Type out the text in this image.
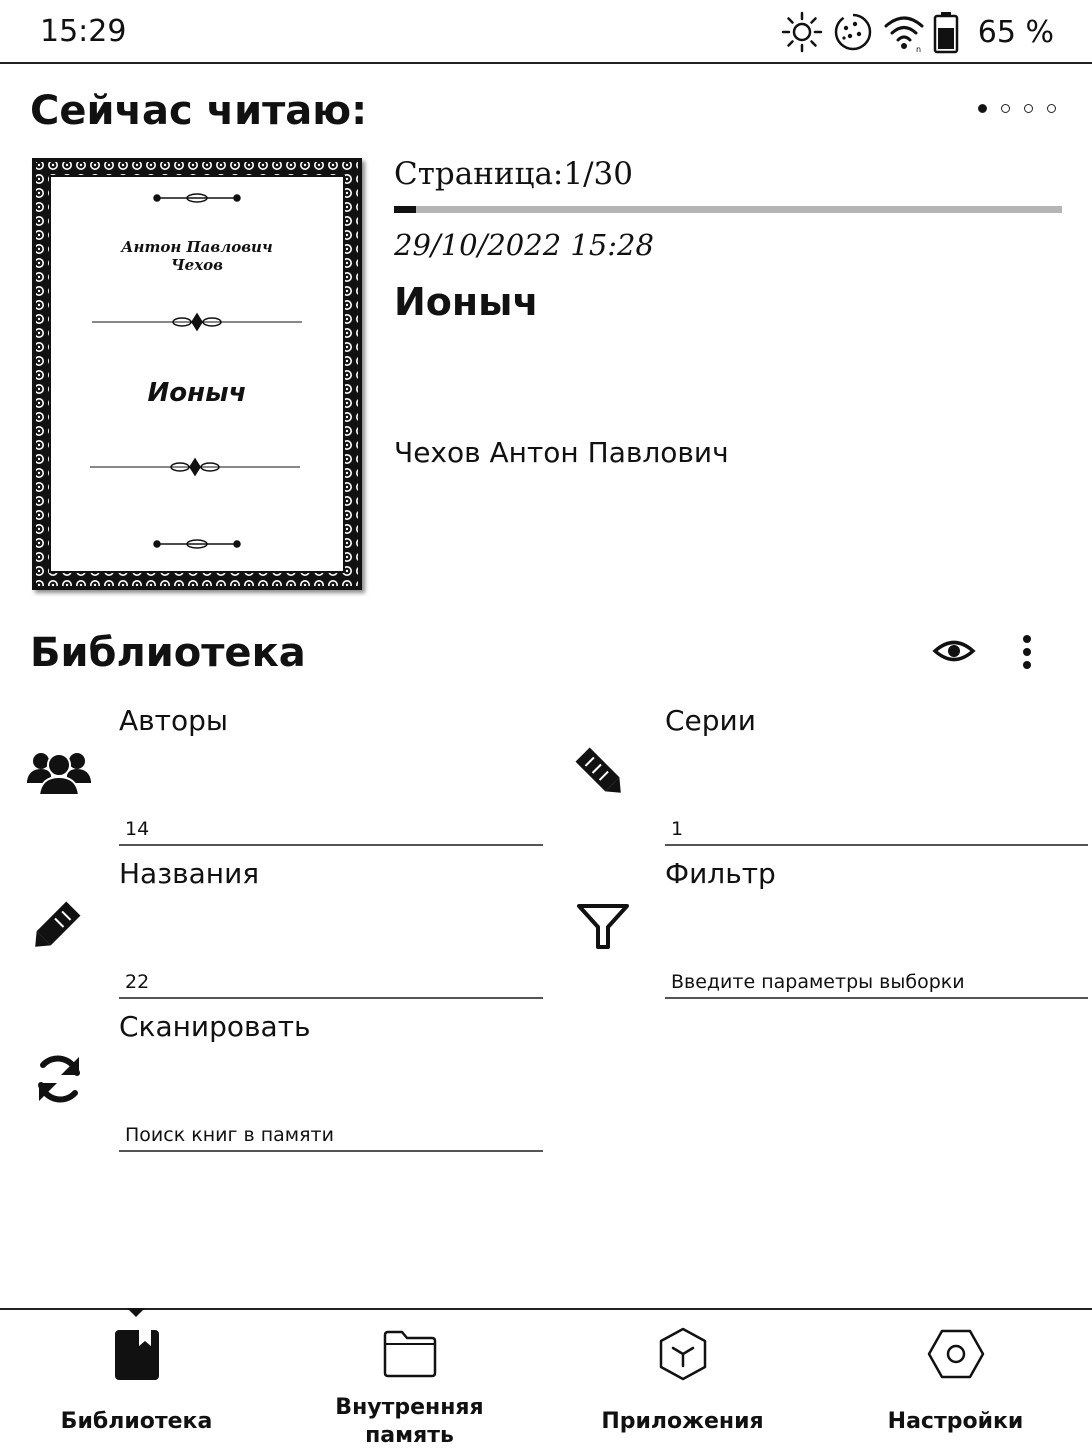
15:29
n 65 %
Сейчас читаю:
Антон Павлович
Чехов
Ионыч
Страница:1/30
29/10/2022 15:28
Ионыч
Чехов Антон Павлович
Библиотека
Авторы
14
Серии
1
Названия
22
Фильтр
Введите параметры выборки
Сканировать
Поиск книг в памяти
Библиотека
Внутренняя
память
Приложения	Настройки
